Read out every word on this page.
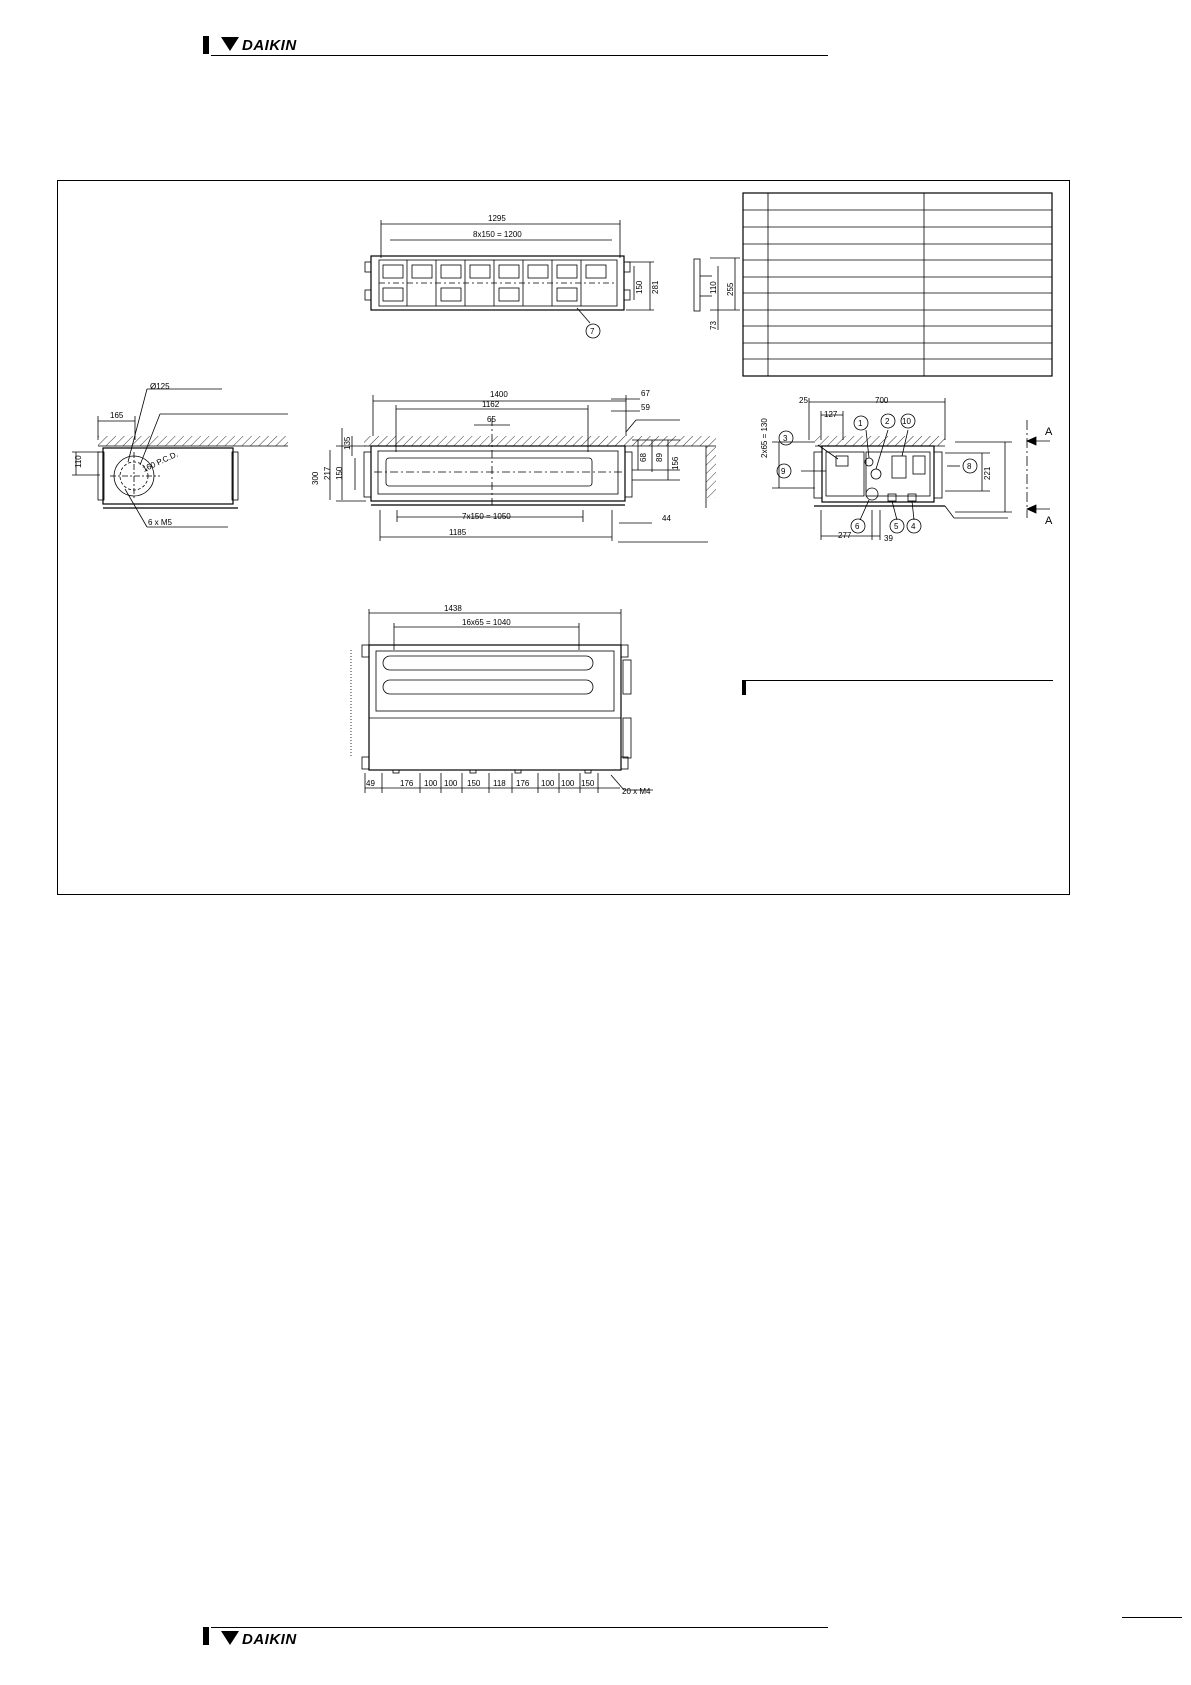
DAIKIN
1295
8x150 = 1200
150 281	110 255
73
7
Ø125
165
110	160 P.C.D.
6 x M5
1400
1162
65
67
59
135
300 217 150
68 89 156
7x150 = 1050
1185
44
25	700
127
2x65 = 130
221
277	39
A
A
1	2 10
3
9
8
6	5 4
1438
16x65 = 1040
49	176 100 100 150 118 176 100 100 150
20 x M4
DAIKIN
